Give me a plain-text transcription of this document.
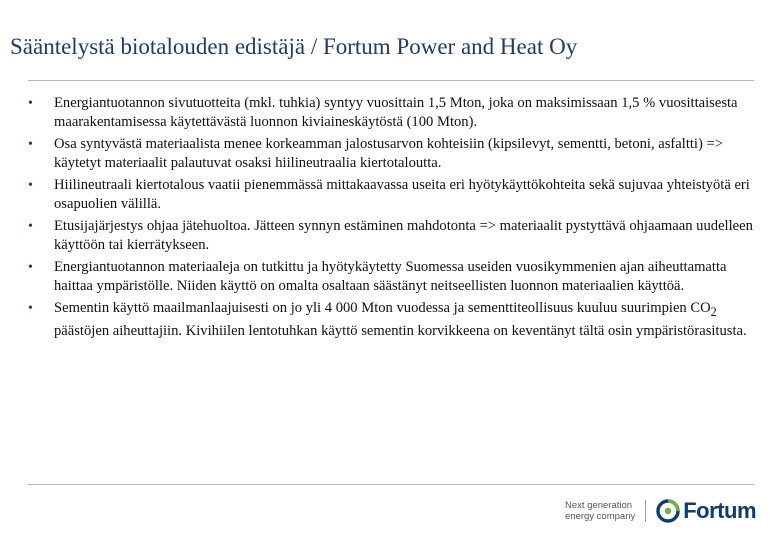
Sääntelystä biotalouden edistäjä / Fortum Power and Heat Oy
• Energiantuotannon sivutuotteita (mkl. tuhkia) syntyy vuosittain 1,5 Mton, joka on maksimissaan 1,5 % vuosittaisesta maarakentamisessa käytettävästä luonnon kiviaineskäytöstä (100 Mton).
• Osa syntyvästä materiaalista menee korkeamman jalostusarvon kohteisiin (kipsilevyt, sementti, betoni, asfaltti) => käytetyt materiaalit palautuvat osaksi hiilineutraalia kiertotaloutta.
• Hiilineutraali kiertotalous vaatii pienemmässä mittakaavassa useita eri hyötykäyttökohteita sekä sujuvaa yhteistyötä eri osapuolien välillä.
• Etusijajärjestys ohjaa jätehuoltoa. Jätteen synnyn estäminen mahdotonta => materiaalit pystyttävä ohjaamaan uudelleen käyttöön tai kierrätykseen.
• Energiantuotannon materiaaleja on tutkittu ja hyötykäytetty Suomessa useiden vuosikymmenien ajan aiheuttamatta haittaa ympäristölle. Niiden käyttö on omalta osaltaan säästänyt neitseellisten luonnon materiaalien käyttöä.
• Sementin käyttö maailmanlaajuisesti on jo yli 4 000 Mton vuodessa ja sementtiteollisuus kuuluu suurimpien $CO_2$ päästöjen aiheuttajiin. Kivihiilen lentotuhkan käyttö sementin korvikkeena on keventänyt tältä osin ympäristörasitusta.
Next generation
energy company	Fortum
